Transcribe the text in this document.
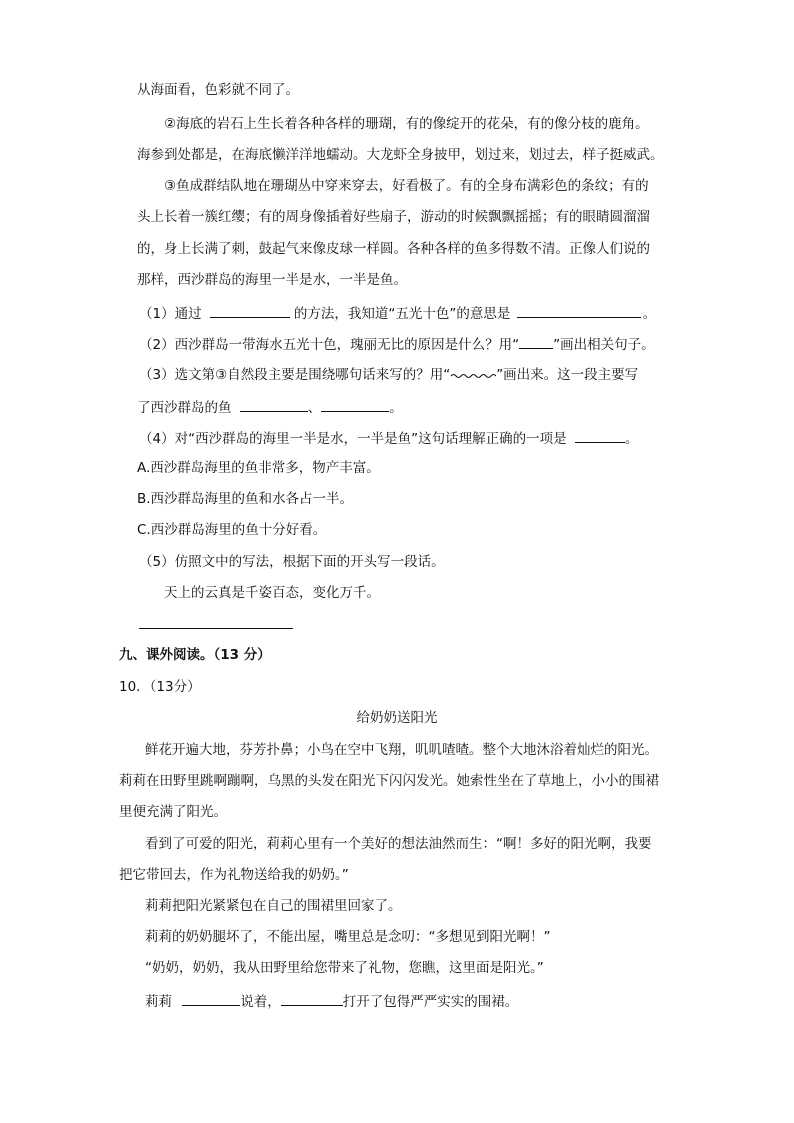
从海面看，色彩就不同了。
②海底的岩石上生长着各种各样的珊瑚，有的像绽开的花朵，有的像分枝的鹿角。
海参到处都是，在海底懒洋洋地蠕动。大龙虾全身披甲，划过来，划过去，样子挺威武。
③鱼成群结队地在珊瑚丛中穿来穿去，好看极了。有的全身布满彩色的条纹；有的
头上长着一簇红缨；有的周身像插着好些扇子，游动的时候飘飘摇摇；有的眼睛圆溜溜
的，身上长满了刺，鼓起气来像皮球一样圆。各种各样的鱼多得数不清。正像人们说的
那样，西沙群岛的海里一半是水，一半是鱼。
（1）通过	的方法，我知道“五光十色”的意思是	。
（2）西沙群岛一带海水五光十色，瑰丽无比的原因是什么？用“	”画出相关句子。
（3）选文第③自然段主要是围绕哪句话来写的？用“	”画出来。这一段主要写
了西沙群岛的鱼	、	。
（4）对“西沙群岛的海里一半是水，一半是鱼”这句话理解正确的一项是	。
A.西沙群岛海里的鱼非常多，物产丰富。
B.西沙群岛海里的鱼和水各占一半。
C.西沙群岛海里的鱼十分好看。
（5）仿照文中的写法，根据下面的开头写一段话。
天上的云真是千姿百态，变化万千。
九、课外阅读。（13 分）
10．（13分）
给奶奶送阳光
鲜花开遍大地，芬芳扑鼻；小鸟在空中飞翔，叽叽喳喳。整个大地沐浴着灿烂的阳光。
莉莉在田野里跳啊蹦啊，乌黑的头发在阳光下闪闪发光。她索性坐在了草地上，小小的围裙
里便充满了阳光。
看到了可爱的阳光，莉莉心里有一个美好的想法油然而生：“啊！多好的阳光啊，我要
把它带回去，作为礼物送给我的奶奶。”
莉莉把阳光紧紧包在自己的围裙里回家了。
莉莉的奶奶腿坏了，不能出屋，嘴里总是念叨：“多想见到阳光啊！”
“奶奶，奶奶，我从田野里给您带来了礼物，您瞧，这里面是阳光。”
莉莉	说着，	打开了包得严严实实的围裙。
